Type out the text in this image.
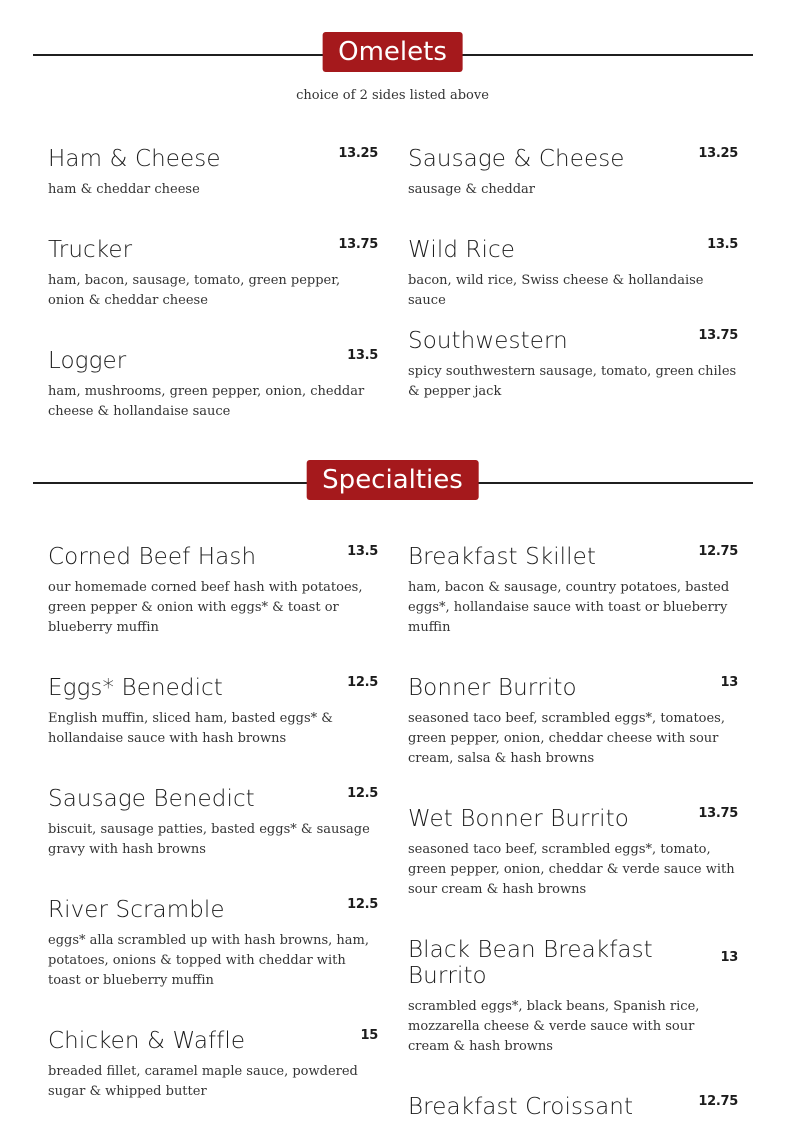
Omelets
choice of 2 sides listed above
Ham & Cheese	13.25
ham & cheddar cheese
Trucker	13.75
ham, bacon, sausage, tomato, green pepper, onion & cheddar cheese
Logger	13.5
ham, mushrooms, green pepper, onion, cheddar cheese & hollandaise sauce
Sausage & Cheese	13.25
sausage & cheddar
Wild Rice	13.5
bacon, wild rice, Swiss cheese & hollandaise sauce
Southwestern	13.75
spicy southwestern sausage, tomato, green chiles & pepper jack
Specialties
Corned Beef Hash	13.5
our homemade corned beef hash with potatoes, green pepper & onion with eggs* & toast or blueberry muffin
Eggs* Benedict	12.5
English muffin, sliced ham, basted eggs* & hollandaise sauce with hash browns
Sausage Benedict	12.5
biscuit, sausage patties, basted eggs* & sausage gravy with hash browns
River Scramble	12.5
eggs* alla scrambled up with hash browns, ham, potatoes, onions & topped with cheddar with toast or blueberry muffin
Chicken & Waffle	15
breaded fillet, caramel maple sauce, powdered sugar & whipped butter
Breakfast Skillet	12.75
ham, bacon & sausage, country potatoes, basted eggs*, hollandaise sauce with toast or blueberry muffin
Bonner Burrito	13
seasoned taco beef, scrambled eggs*, tomatoes, green pepper, onion, cheddar cheese with sour cream, salsa & hash browns
Wet Bonner Burrito	13.75
seasoned taco beef, scrambled eggs*, tomato, green pepper, onion, cheddar & verde sauce with sour cream & hash browns
Black Bean Breakfast Burrito
13
scrambled eggs*, black beans, Spanish rice, mozzarella cheese & verde sauce with sour cream & hash browns
Breakfast Croissant	12.75
